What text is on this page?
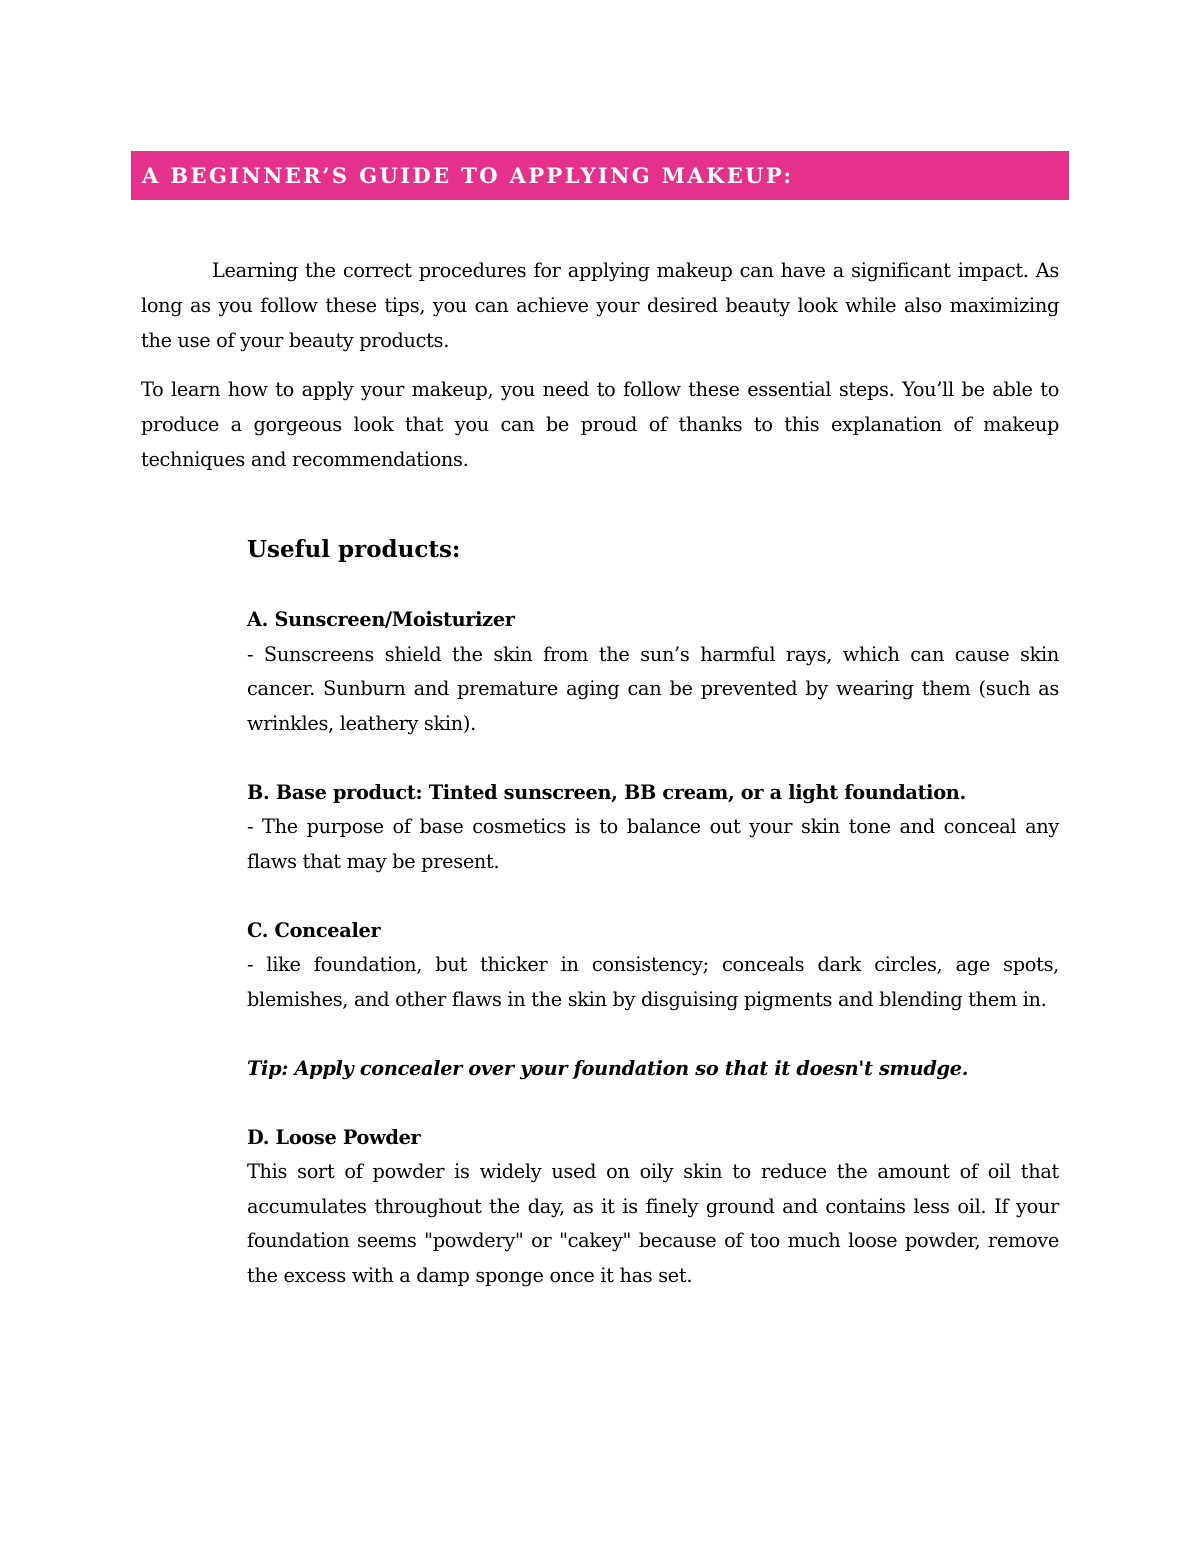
A BEGINNER’S GUIDE TO APPLYING MAKEUP:

Learning the correct procedures for applying makeup can have a significant impact. As long as you follow these tips, you can achieve your desired beauty look while also maximizing the use of your beauty products.

To learn how to apply your makeup, you need to follow these essential steps. You’ll be able to produce a gorgeous look that you can be proud of thanks to this explanation of makeup techniques and recommendations.

Useful products:
A. Sunscreen/Moisturizer
- Sunscreens shield the skin from the sun’s harmful rays, which can cause skin cancer. Sunburn and premature aging can be prevented by wearing them (such as wrinkles, leathery skin).
B. Base product: Tinted sunscreen, BB cream, or a light foundation.
- The purpose of base cosmetics is to balance out your skin tone and conceal any flaws that may be present.
C. Concealer
- like foundation, but thicker in consistency; conceals dark circles, age spots, blemishes, and other flaws in the skin by disguising pigments and blending them in.
Tip: Apply concealer over your foundation so that it doesn't smudge.
D. Loose Powder
This sort of powder is widely used on oily skin to reduce the amount of oil that accumulates throughout the day, as it is finely ground and contains less oil. If your foundation seems "powdery" or "cakey" because of too much loose powder, remove the excess with a damp sponge once it has set.
